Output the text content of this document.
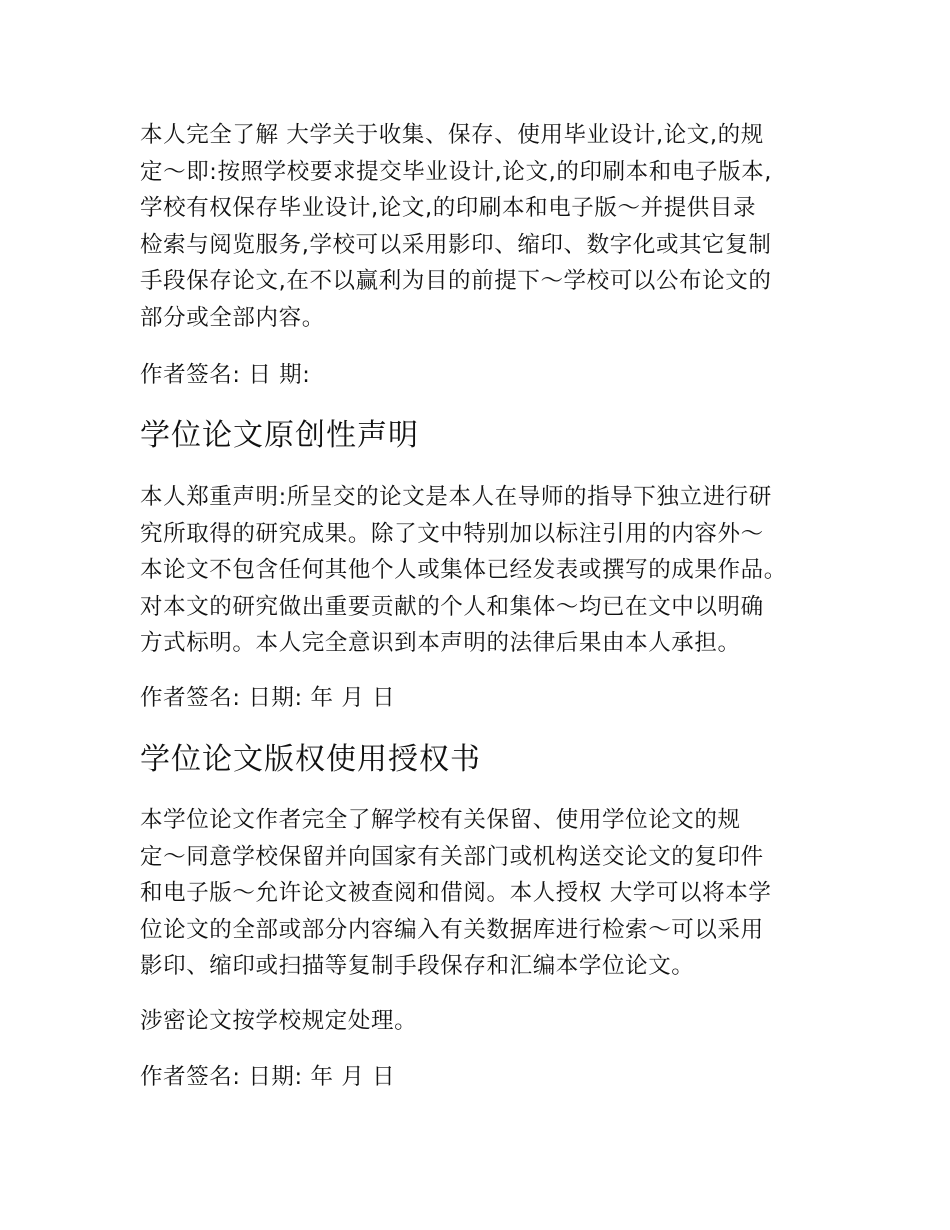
本人完全了解 大学关于收集、保存、使用毕业设计,论文,的规
定～即:按照学校要求提交毕业设计,论文,的印刷本和电子版本,
学校有权保存毕业设计,论文,的印刷本和电子版～并提供目录
检索与阅览服务,学校可以采用影印、缩印、数字化或其它复制
手段保存论文,在不以赢利为目的前提下～学校可以公布论文的
部分或全部内容。

作者签名: 日 期:

学位论文原创性声明
本人郑重声明:所呈交的论文是本人在导师的指导下独立进行研
究所取得的研究成果。除了文中特别加以标注引用的内容外～
本论文不包含任何其他个人或集体已经发表或撰写的成果作品。
对本文的研究做出重要贡献的个人和集体～均已在文中以明确
方式标明。本人完全意识到本声明的法律后果由本人承担。

作者签名: 日期: 年 月 日

学位论文版权使用授权书
本学位论文作者完全了解学校有关保留、使用学位论文的规
定～同意学校保留并向国家有关部门或机构送交论文的复印件
和电子版～允许论文被查阅和借阅。本人授权 大学可以将本学
位论文的全部或部分内容编入有关数据库进行检索～可以采用
影印、缩印或扫描等复制手段保存和汇编本学位论文。

涉密论文按学校规定处理。

作者签名: 日期: 年 月 日
